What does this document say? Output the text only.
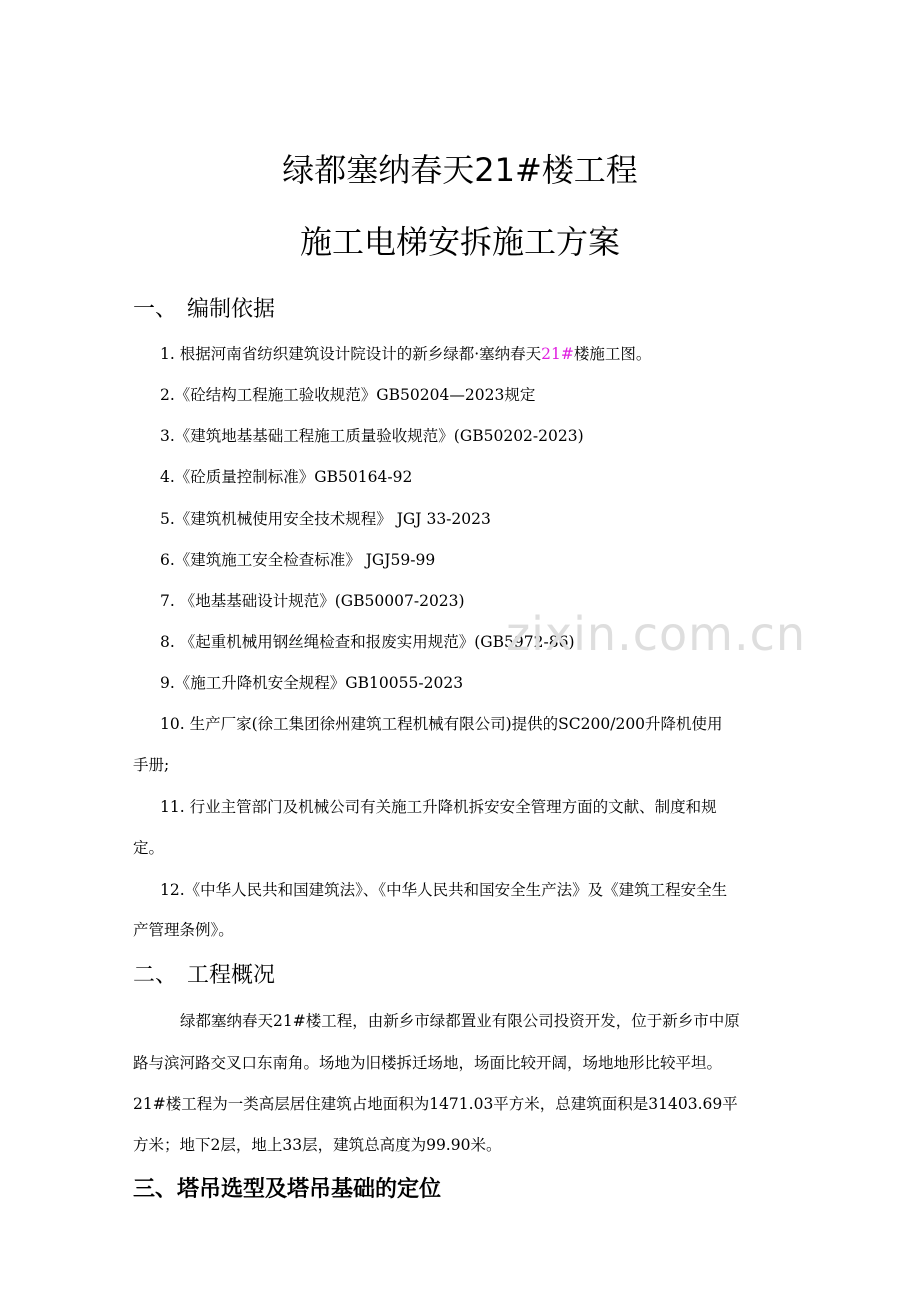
绿都塞纳春天21#楼工程
施工电梯安拆施工方案
一、 编制依据
1. 根据河南省纺织建筑设计院设计的新乡绿都·塞纳春天21#楼施工图。
2.《砼结构工程施工验收规范》GB50204—2023规定
3.《建筑地基基础工程施工质量验收规范》(GB50202-2023)
4.《砼质量控制标准》GB50164-92
5.《建筑机械使用安全技术规程》 JGJ 33-2023
6.《建筑施工安全检查标准》 JGJ59-99
7. 《地基基础设计规范》(GB50007-2023)
8. 《起重机械用钢丝绳检查和报废实用规范》(GB5972-86)
9.《施工升降机安全规程》GB10055-2023
10. 生产厂家(徐工集团徐州建筑工程机械有限公司)提供的SC200/200升降机使用
手册;
11. 行业主管部门及机械公司有关施工升降机拆安安全管理方面的文献、制度和规
定。
12.《中华人民共和国建筑法》、《中华人民共和国安全生产法》及《建筑工程安全生
产管理条例》。
二、 工程概况
绿都塞纳春天21#楼工程，由新乡市绿都置业有限公司投资开发，位于新乡市中原
路与滨河路交叉口东南角。场地为旧楼拆迁场地，场面比较开阔，场地地形比较平坦。
21#楼工程为一类高层居住建筑占地面积为1471.03平方米，总建筑面积是31403.69平
方米；地下2层，地上33层，建筑总高度为99.90米。
三、塔吊选型及塔吊基础的定位
zixin.com.cn
